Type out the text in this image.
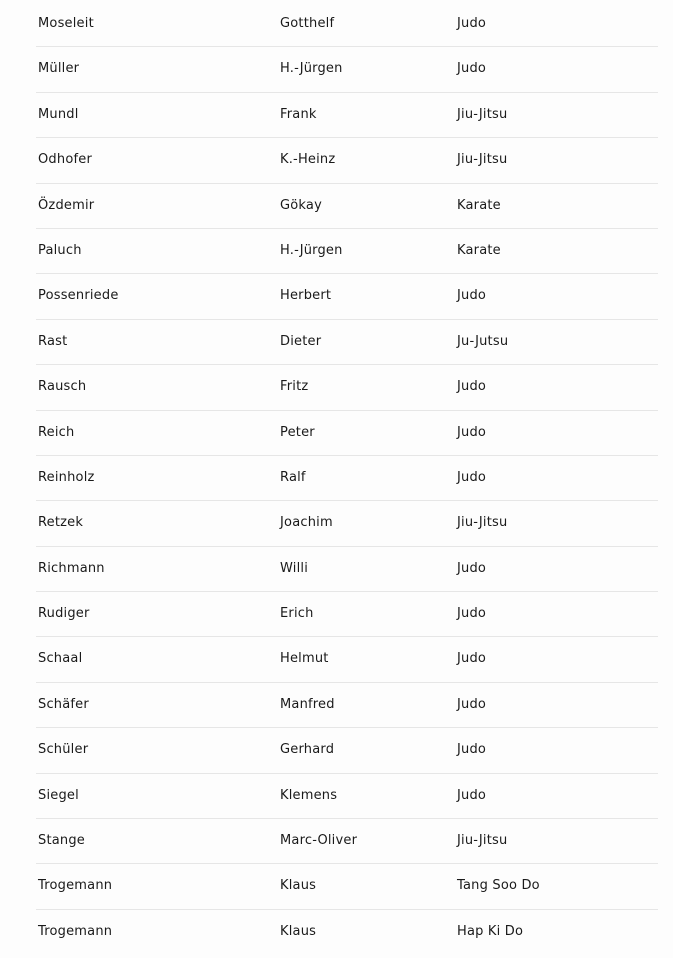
Moseleit	Gotthelf	Judo
Müller	H.-Jürgen	Judo
Mundl	Frank	Jiu-Jitsu
Odhofer	K.-Heinz	Jiu-Jitsu
Özdemir	Gökay	Karate
Paluch	H.-Jürgen	Karate
Possenriede	Herbert	Judo
Rast	Dieter	Ju-Jutsu
Rausch	Fritz	Judo
Reich	Peter	Judo
Reinholz	Ralf	Judo
Retzek	Joachim	Jiu-Jitsu
Richmann	Willi	Judo
Rudiger	Erich	Judo
Schaal	Helmut	Judo
Schäfer	Manfred	Judo
Schüler	Gerhard	Judo
Siegel	Klemens	Judo
Stange	Marc-Oliver	Jiu-Jitsu
Trogemann	Klaus	Tang Soo Do
Trogemann	Klaus	Hap Ki Do
